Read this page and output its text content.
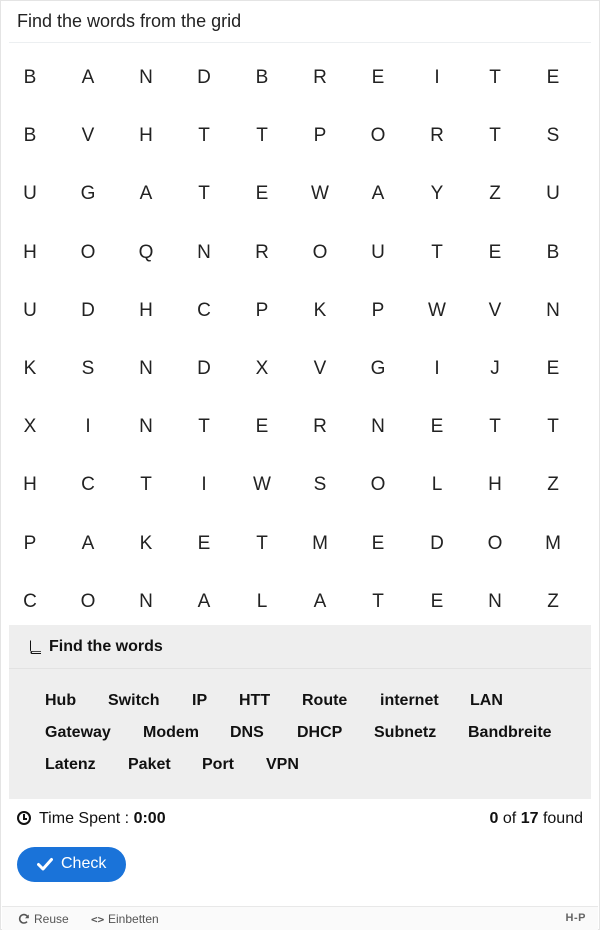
Find the words from the grid
B	A	N	D	B	R	E	I	T	E
B	V	H	T	T	P	O	R	T	S
U	G	A	T	E	W	A	Y	Z	U
H	O	Q	N	R	O	U	T	E	B
U	D	H	C	P	K	P	W	V	N
K	S	N	D	X	V	G	I	J	E
X	I	N	T	E	R	N	E	T	T
H	C	T	I	W	S	O	L	H	Z
P	A	K	E	T	M	E	D	O	M
C	O	N	A	L	A	T	E	N	Z
Find the words
Hub Switch IP HTT Route internet LAN
Gateway Modem DNS DHCP Subnetz Bandbreite
Latenz Paket Port VPN
Time Spent : 0:00	0 of 17 found
Check
Reuse <> Einbetten	H-P
